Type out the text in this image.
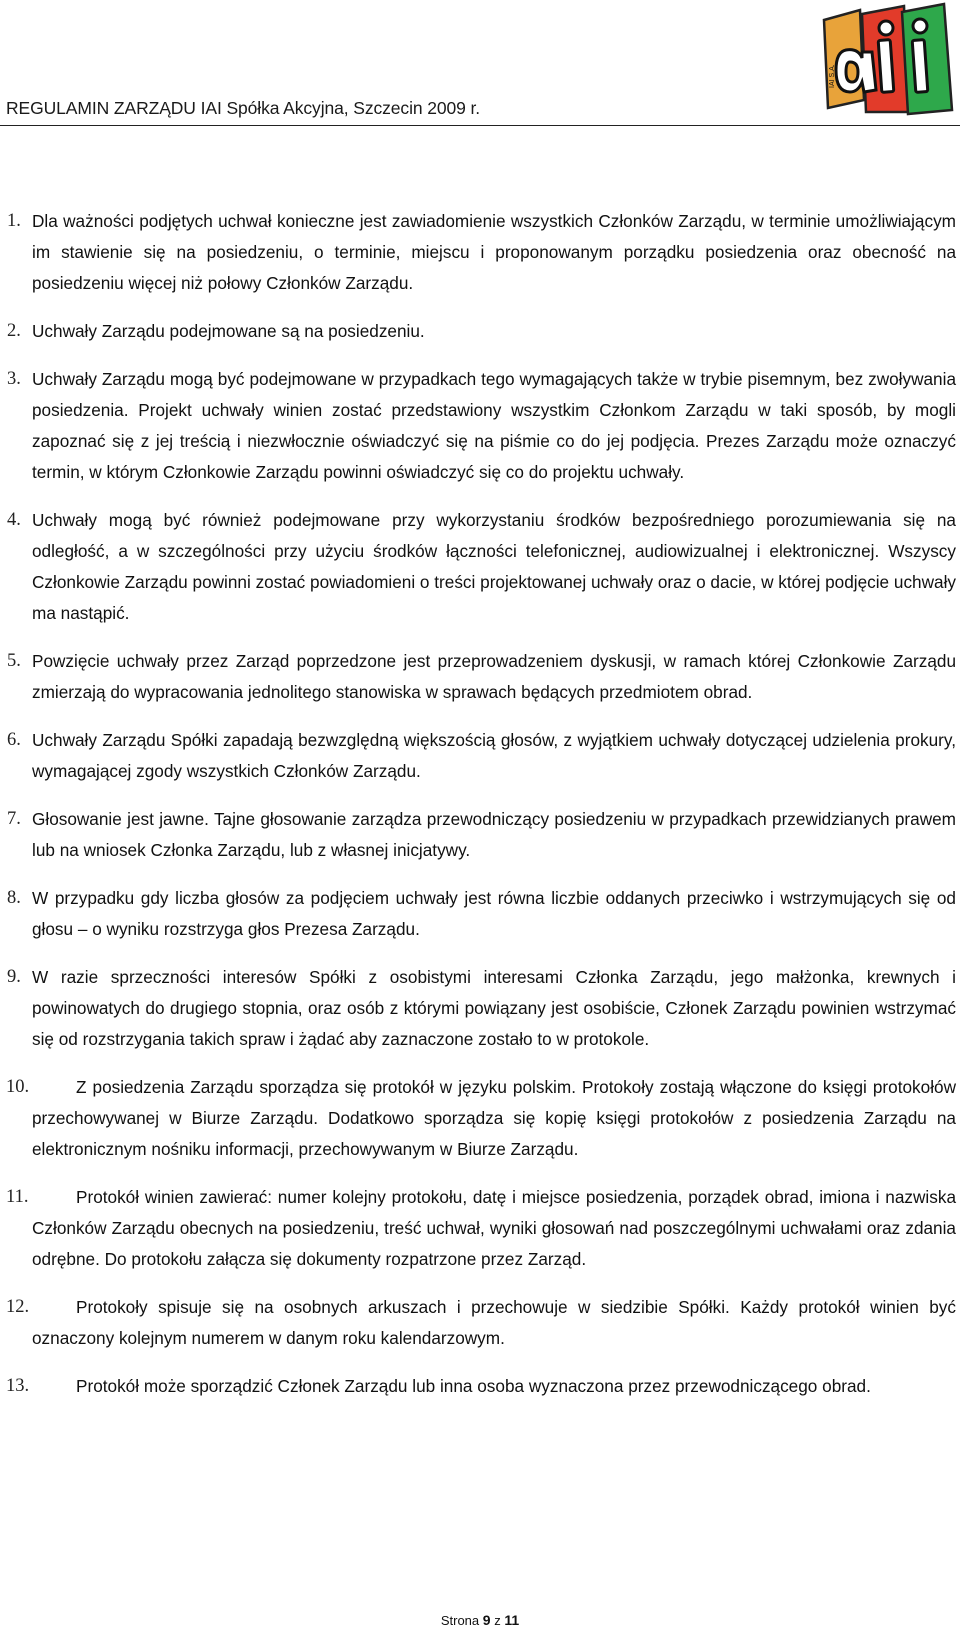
REGULAMIN ZARZĄDU IAI Spółka Akcyjna, Szczecin 2009 r.
IAI S.A.
1. Dla ważności podjętych uchwał konieczne jest zawiadomienie wszystkich Członków Zarządu, w terminie umożliwiającym im stawienie się na posiedzeniu, o terminie, miejscu i proponowanym porządku posiedzenia oraz obecność na posiedzeniu więcej niż połowy Członków Zarządu.
2. Uchwały Zarządu podejmowane są na posiedzeniu.
3. Uchwały Zarządu mogą być podejmowane w przypadkach tego wymagających także w trybie pisemnym, bez zwoływania posiedzenia. Projekt uchwały winien zostać przedstawiony wszystkim Członkom Zarządu w taki sposób, by mogli zapoznać się z jej treścią i niezwłocznie oświadczyć się na piśmie co do jej podjęcia. Prezes Zarządu może oznaczyć termin, w którym Członkowie Zarządu powinni oświadczyć się co do projektu uchwały.
4. Uchwały mogą być również podejmowane przy wykorzystaniu środków bezpośredniego porozumiewania się na odległość, a w szczególności przy użyciu środków łączności telefonicznej, audiowizualnej i elektronicznej. Wszyscy Członkowie Zarządu powinni zostać powiadomieni o treści projektowanej uchwały oraz o dacie, w której podjęcie uchwały ma nastąpić.
5. Powzięcie uchwały przez Zarząd poprzedzone jest przeprowadzeniem dyskusji, w ramach której Członkowie Zarządu zmierzają do wypracowania jednolitego stanowiska w sprawach będących przedmiotem obrad.
6. Uchwały Zarządu Spółki zapadają bezwzględną większością głosów, z wyjątkiem uchwały dotyczącej udzielenia prokury, wymagającej zgody wszystkich Członków Zarządu.
7. Głosowanie jest jawne. Tajne głosowanie zarządza przewodniczący posiedzeniu w przypadkach przewidzianych prawem lub na wniosek Członka Zarządu, lub z własnej inicjatywy.
8. W przypadku gdy liczba głosów za podjęciem uchwały jest równa liczbie oddanych przeciwko i wstrzymujących się od głosu – o wyniku rozstrzyga głos Prezesa Zarządu.
9. W razie sprzeczności interesów Spółki z osobistymi interesami Członka Zarządu, jego małżonka, krewnych i powinowatych do drugiego stopnia, oraz osób z którymi powiązany jest osobiście, Członek Zarządu powinien wstrzymać się od rozstrzygania takich spraw i żądać aby zaznaczone zostało to w protokole.
10.	Z posiedzenia Zarządu sporządza się protokół w języku polskim. Protokoły zostają włączone do księgi protokołów przechowywanej w Biurze Zarządu. Dodatkowo sporządza się kopię księgi protokołów z posiedzenia Zarządu na elektronicznym nośniku informacji, przechowywanym w Biurze Zarządu.
11.	Protokół winien zawierać: numer kolejny protokołu, datę i miejsce posiedzenia, porządek obrad, imiona i nazwiska Członków Zarządu obecnych na posiedzeniu, treść uchwał, wyniki głosowań nad poszczególnymi uchwałami oraz zdania odrębne. Do protokołu załącza się dokumenty rozpatrzone przez Zarząd.
12.	Protokoły spisuje się na osobnych arkuszach i przechowuje w siedzibie Spółki. Każdy protokół winien być oznaczony kolejnym numerem w danym roku kalendarzowym.
13.	Protokół może sporządzić Członek Zarządu lub inna osoba wyznaczona przez przewodniczącego obrad.
Strona 9 z 11
